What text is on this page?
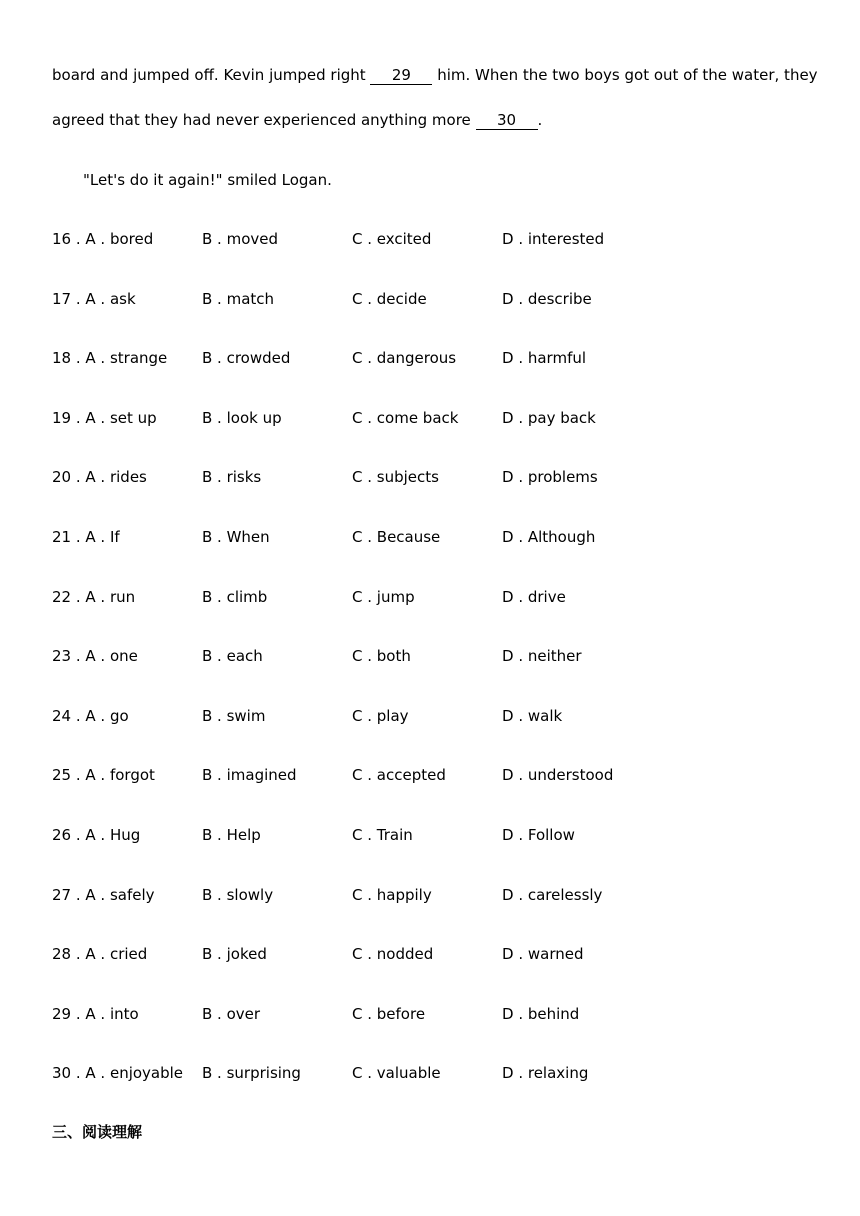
board and jumped off. Kevin jumped right 29 him. When the two boys got out of the water, they
agreed that they had never experienced anything more 30 .
"Let's do it again!" smiled Logan.
16 . A . bored	B . moved	C . excited	D . interested
17 . A . ask	B . match	C . decide	D . describe
18 . A . strange B . crowded	C . dangerous	D . harmful
19 . A . set up	B . look up	C . come back	D . pay back
20 . A . rides	B . risks	C . subjects	D . problems
21 . A . If	B . When	C . Because	D . Although
22 . A . run	B . climb	C . jump	D . drive
23 . A . one	B . each	C . both	D . neither
24 . A . go	B . swim	C . play	D . walk
25 . A . forgot	B . imagined	C . accepted	D . understood
26 . A . Hug	B . Help	C . Train	D . Follow
27 . A . safely	B . slowly	C . happily	D . carelessly
28 . A . cried	B . joked	C . nodded	D . warned
29 . A . into	B . over	C . before	D . behind
30 . A . enjoyable B . surprising	C . valuable	D . relaxing
三、阅读理解
